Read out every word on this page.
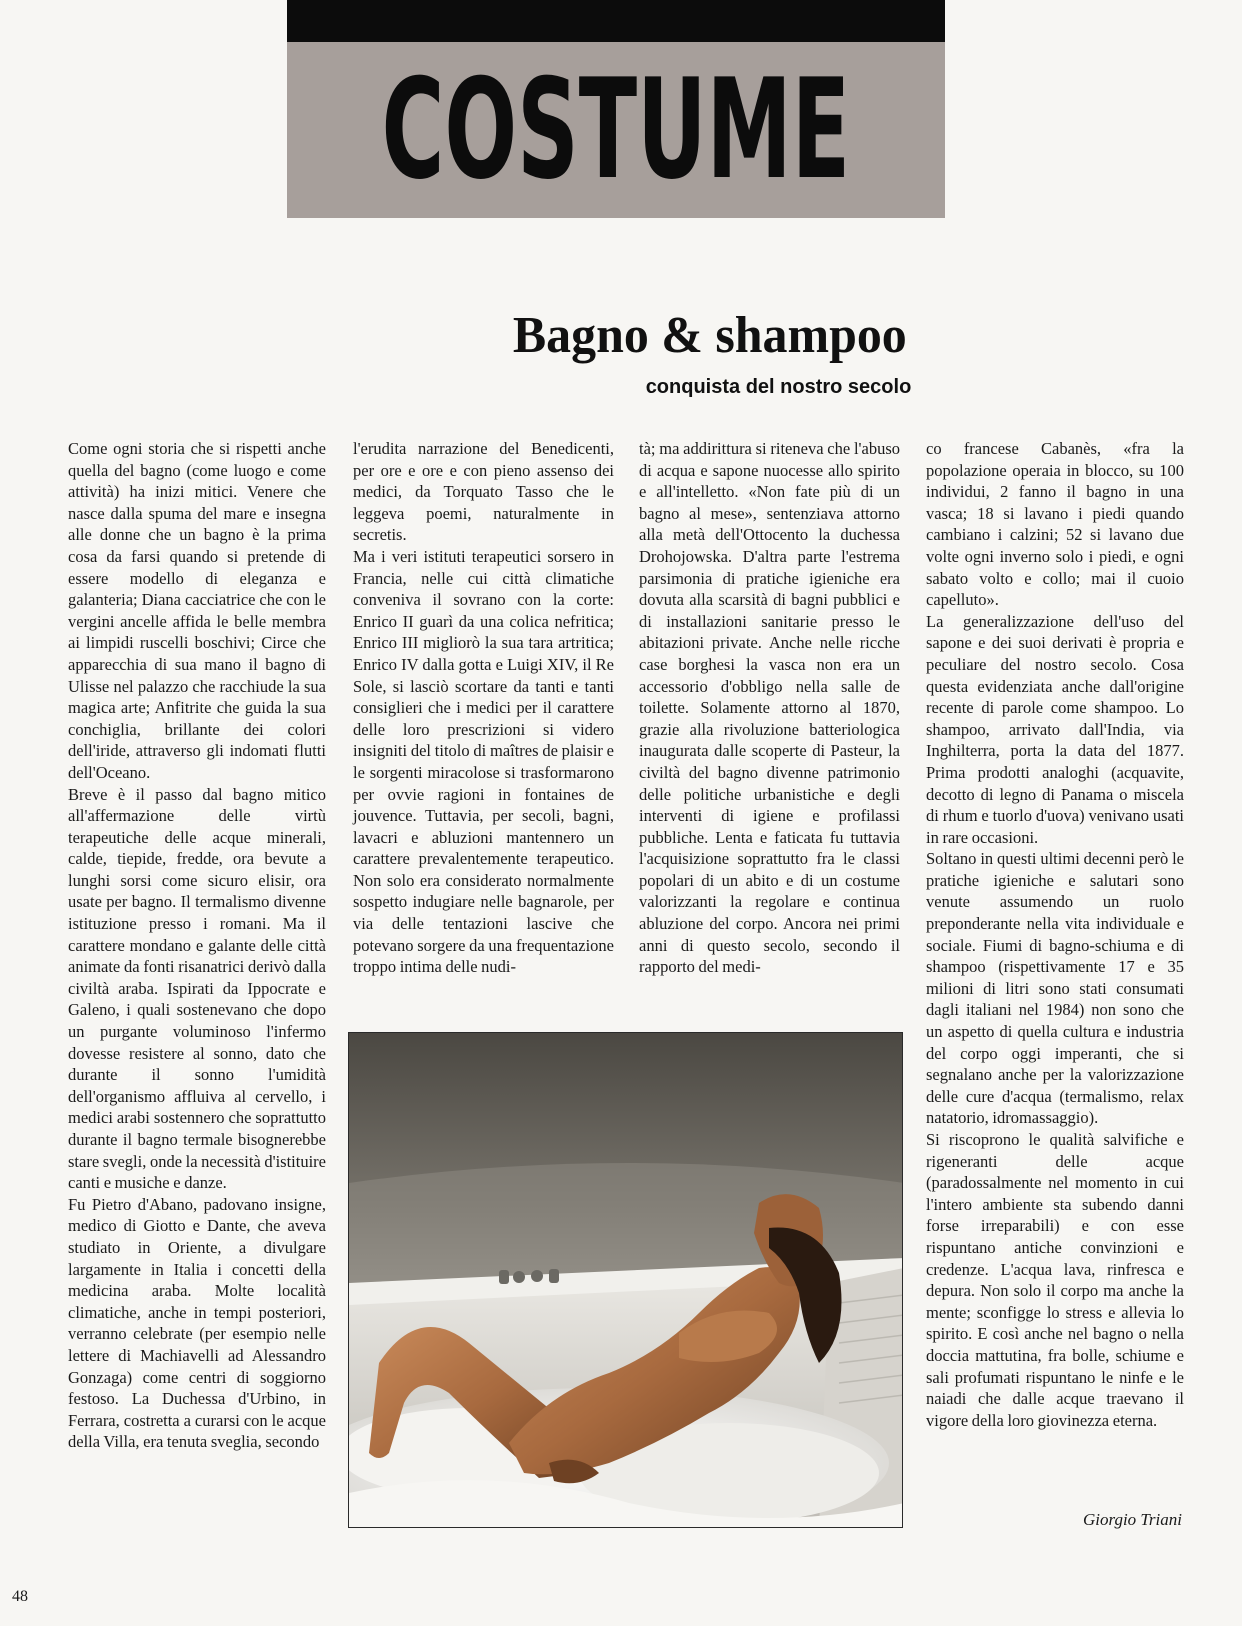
COSTUME
Bagno & shampoo
conquista del nostro secolo

Come ogni storia che si rispetti anche quella del bagno (come luogo e come attività) ha inizi mitici. Venere che nasce dalla spuma del mare e insegna alle donne che un bagno è la prima cosa da farsi quando si pretende di essere modello di eleganza e galanteria; Diana cacciatrice che con le vergini ancelle affida le belle membra ai limpidi ruscelli boschivi; Circe che apparecchia di sua mano il bagno di Ulisse nel palazzo che racchiude la sua magica arte; Anfitrite che guida la sua conchiglia, brillante dei colori dell'iride, attraverso gli indomati flutti dell'Oceano.

Breve è il passo dal bagno mitico all'affermazione delle virtù terapeutiche delle acque minerali, calde, tiepide, fredde, ora bevute a lunghi sorsi come sicuro elisir, ora usate per bagno. Il termalismo divenne istituzione presso i romani. Ma il carattere mondano e galante delle città animate da fonti risanatrici derivò dalla civiltà araba. Ispirati da Ippocrate e Galeno, i quali sostenevano che dopo un purgante voluminoso l'infermo dovesse resistere al sonno, dato che durante il sonno l'umidità dell'organismo affluiva al cervello, i medici arabi sostennero che soprattutto durante il bagno termale bisognerebbe stare svegli, onde la necessità d'istituire canti e musiche e danze.

Fu Pietro d'Abano, padovano insigne, medico di Giotto e Dante, che aveva studiato in Oriente, a divulgare largamente in Italia i concetti della medicina araba. Molte località climatiche, anche in tempi posteriori, verranno celebrate (per esempio nelle lettere di Machiavelli ad Alessandro Gonzaga) come centri di soggiorno festoso. La Duchessa d'Urbino, in Ferrara, costretta a curarsi con le acque della Villa, era tenuta sveglia, secondo

l'erudita narrazione del Benedicenti, per ore e ore e con pieno assenso dei medici, da Torquato Tasso che le leggeva poemi, naturalmente in secretis.

Ma i veri istituti terapeutici sorsero in Francia, nelle cui città climatiche conveniva il sovrano con la corte: Enrico II guarì da una colica nefritica; Enrico III migliorò la sua tara artritica; Enrico IV dalla gotta e Luigi XIV, il Re Sole, si lasciò scortare da tanti e tanti consiglieri che i medici per il carattere delle loro prescrizioni si videro insigniti del titolo di maîtres de plaisir e le sorgenti miracolose si trasformarono per ovvie ragioni in fontaines de jouvence. Tuttavia, per secoli, bagni, lavacri e abluzioni mantennero un carattere prevalentemente terapeutico. Non solo era considerato normalmente sospetto indugiare nelle bagnarole, per via delle tentazioni lascive che potevano sorgere da una frequentazione troppo intima delle nudi-

tà; ma addirittura si riteneva che l'abuso di acqua e sapone nuocesse allo spirito e all'intelletto. «Non fate più di un bagno al mese», sentenziava attorno alla metà dell'Ottocento la duchessa Drohojowska. D'altra parte l'estrema parsimonia di pratiche igieniche era dovuta alla scarsità di bagni pubblici e di installazioni sanitarie presso le abitazioni private. Anche nelle ricche case borghesi la vasca non era un accessorio d'obbligo nella salle de toilette. Solamente attorno al 1870, grazie alla rivoluzione batteriologica inaugurata dalle scoperte di Pasteur, la civiltà del bagno divenne patrimonio delle politiche urbanistiche e degli interventi di igiene e profilassi pubbliche. Lenta e faticata fu tuttavia l'acquisizione soprattutto fra le classi popolari di un abito e di un costume valorizzanti la regolare e continua abluzione del corpo. Ancora nei primi anni di questo secolo, secondo il rapporto del medi-

co francese Cabanès, «fra la popolazione operaia in blocco, su 100 individui, 2 fanno il bagno in una vasca; 18 si lavano i piedi quando cambiano i calzini; 52 si lavano due volte ogni inverno solo i piedi, e ogni sabato volto e collo; mai il cuoio capelluto».

La generalizzazione dell'uso del sapone e dei suoi derivati è propria e peculiare del nostro secolo. Cosa questa evidenziata anche dall'origine recente di parole come shampoo. Lo shampoo, arrivato dall'India, via Inghilterra, porta la data del 1877. Prima prodotti analoghi (acquavite, decotto di legno di Panama o miscela di rhum e tuorlo d'uova) venivano usati in rare occasioni.

Soltano in questi ultimi decenni però le pratiche igieniche e salutari sono venute assumendo un ruolo preponderante nella vita individuale e sociale. Fiumi di bagno-schiuma e di shampoo (rispettivamente 17 e 35 milioni di litri sono stati consumati dagli italiani nel 1984) non sono che un aspetto di quella cultura e industria del corpo oggi imperanti, che si segnalano anche per la valorizzazione delle cure d'acqua (termalismo, relax natatorio, idromassaggio).

Si riscoprono le qualità salvifiche e rigeneranti delle acque (paradossalmente nel momento in cui l'intero ambiente sta subendo danni forse irreparabili) e con esse rispuntano antiche convinzioni e credenze. L'acqua lava, rinfresca e depura. Non solo il corpo ma anche la mente; sconfigge lo stress e allevia lo spirito. E così anche nel bagno o nella doccia mattutina, fra bolle, schiume e sali profumati rispuntano le ninfe e le naiadi che dalle acque traevano il vigore della loro giovinezza eterna.

Giorgio Triani
48
